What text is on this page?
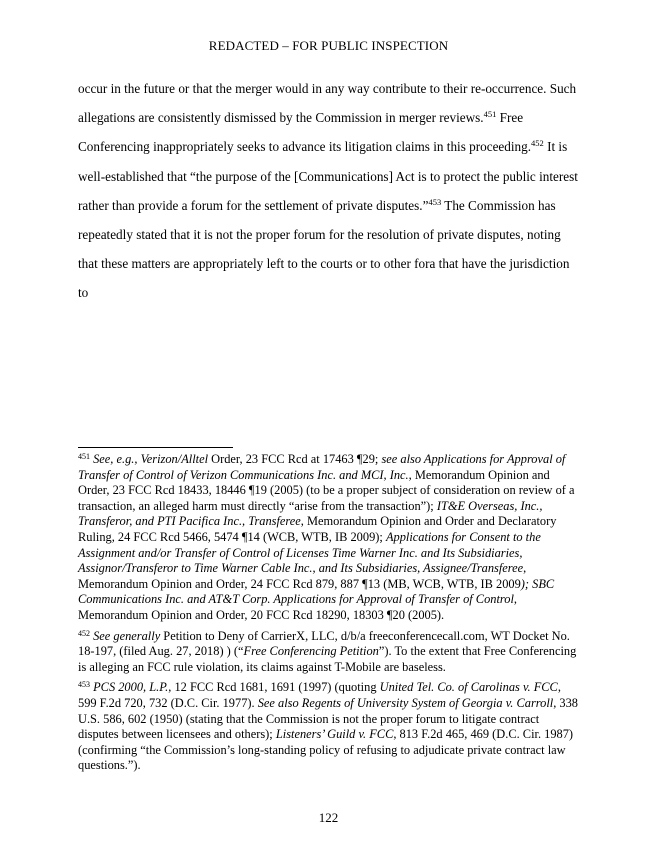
REDACTED – FOR PUBLIC INSPECTION

occur in the future or that the merger would in any way contribute to their re-occurrence. Such allegations are consistently dismissed by the Commission in merger reviews.$^{451}$ Free Conferencing inappropriately seeks to advance its litigation claims in this proceeding.$^{452}$ It is well-established that “the purpose of the [Communications] Act is to protect the public interest rather than provide a forum for the settlement of private disputes.”$^{453}$ The Commission has repeatedly stated that it is not the proper forum for the resolution of private disputes, noting that these matters are appropriately left to the courts or to other fora that have the jurisdiction to

$^{451}$ See, e.g., Verizon/Alltel Order, 23 FCC Rcd at 17463 ¶29; see also Applications for Approval of Transfer of Control of Verizon Communications Inc. and MCI, Inc., Memorandum Opinion and Order, 23 FCC Rcd 18433, 18446 ¶19 (2005) (to be a proper subject of consideration on review of a transaction, an alleged harm must directly “arise from the transaction”); IT&E Overseas, Inc., Transferor, and PTI Pacifica Inc., Transferee, Memorandum Opinion and Order and Declaratory Ruling, 24 FCC Rcd 5466, 5474 ¶14 (WCB, WTB, IB 2009); Applications for Consent to the Assignment and/or Transfer of Control of Licenses Time Warner Inc. and Its Subsidiaries, Assignor/Transferor to Time Warner Cable Inc., and Its Subsidiaries, Assignee/Transferee, Memorandum Opinion and Order, 24 FCC Rcd 879, 887 ¶13 (MB, WCB, WTB, IB 2009); SBC Communications Inc. and AT&T Corp. Applications for Approval of Transfer of Control, Memorandum Opinion and Order, 20 FCC Rcd 18290, 18303 ¶20 (2005).

$^{452}$ See generally Petition to Deny of CarrierX, LLC, d/b/a freeconferencecall.com, WT Docket No. 18-197, (filed Aug. 27, 2018) ) (“Free Conferencing Petition”). To the extent that Free Conferencing is alleging an FCC rule violation, its claims against T-Mobile are baseless.

$^{453}$ PCS 2000, L.P., 12 FCC Rcd 1681, 1691 (1997) (quoting United Tel. Co. of Carolinas v. FCC, 599 F.2d 720, 732 (D.C. Cir. 1977). See also Regents of University System of Georgia v. Carroll, 338 U.S. 586, 602 (1950) (stating that the Commission is not the proper forum to litigate contract disputes between licensees and others); Listeners’ Guild v. FCC, 813 F.2d 465, 469 (D.C. Cir. 1987) (confirming “the Commission’s long-standing policy of refusing to adjudicate private contract law questions.”).

122
